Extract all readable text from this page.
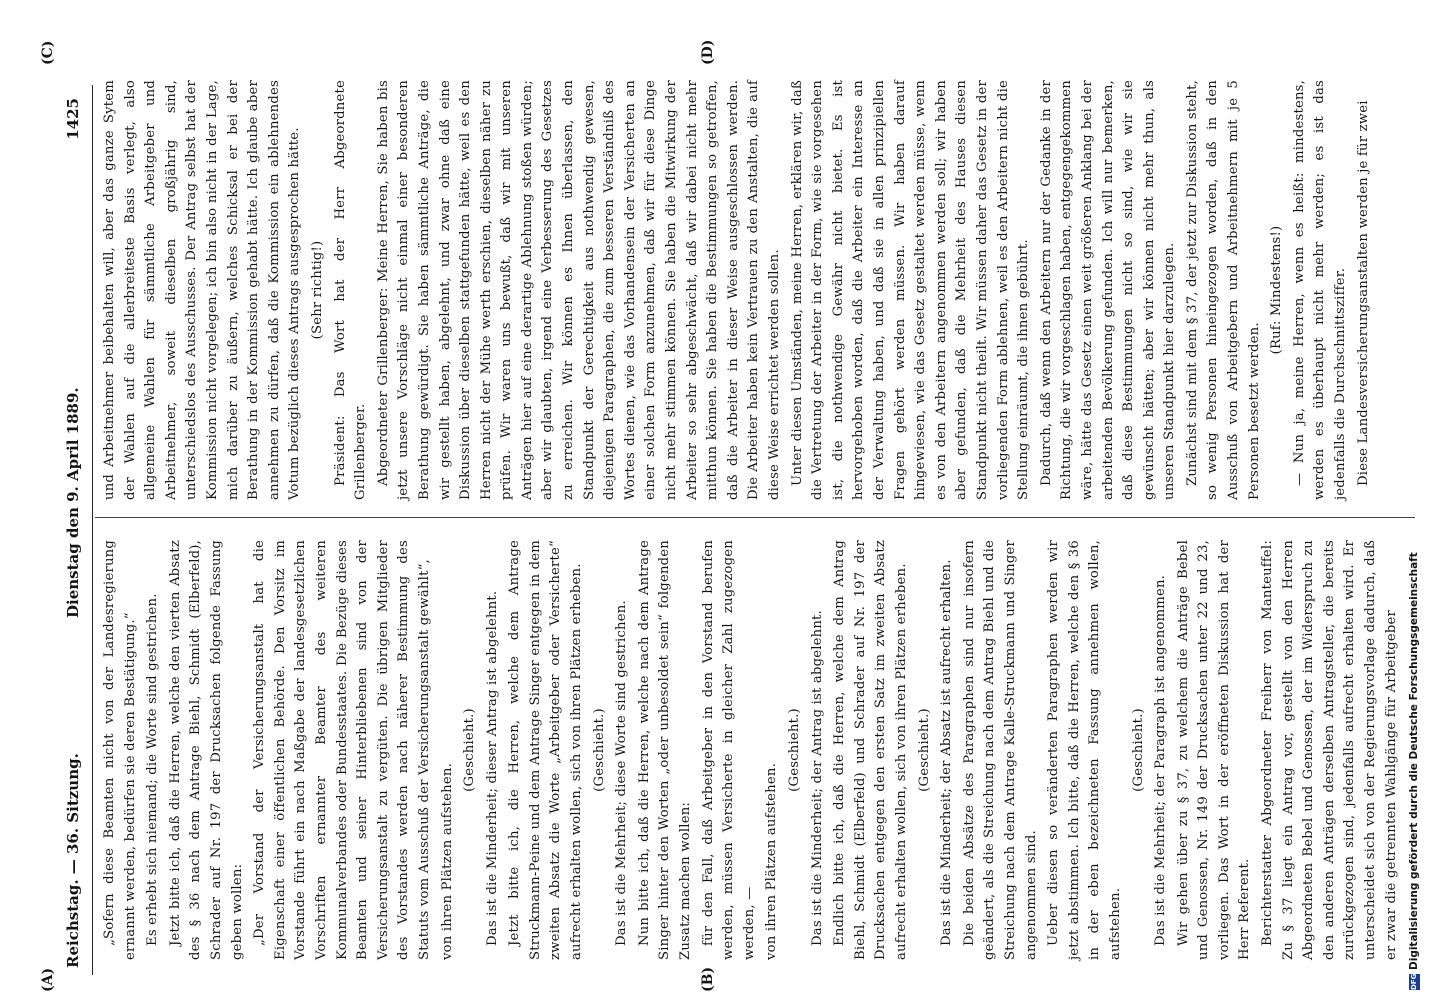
Reichstag. — 36. Sitzung.
Dienstag den 9. April 1889.
1425
(A)	(B)
(C)	(D)

„Sofern diese Beamten nicht von der Landesregierung ernannt werden, bedürfen sie deren Bestätigung.“ Es erhebt sich niemand; die Worte sind gestrichen. Jetzt bitte ich, daß die Herren, welche den vierten Absatz des § 36 nach dem Antrage Biehl, Schmidt (Elberfeld), Schrader auf Nr. 197 der Drucksachen folgende Fassung geben wollen: „Der Vorstand der Versicherungsanstalt hat die Eigenschaft einer öffentlichen Behörde. Den Vorsitz im Vorstande führt ein nach Maßgabe der landesgesetzlichen Vorschriften ernannter Beamter des weiteren Kommunalverbandes oder Bundesstaates. Die Bezüge dieses Beamten und seiner Hinterbliebenen sind von der Versicherungsanstalt zu vergüten. Die übrigen Mitglieder des Vorstandes werden nach näherer Bestimmung des Statuts vom Ausschuß der Versicherungsanstalt gewählt“, von ihren Plätzen aufstehen.

(Geschieht.) Das ist die Minderheit; dieser Antrag ist abgelehnt. Jetzt bitte ich, die Herren, welche dem Antrage Struckmann-Peine und dem Antrage Singer entgegen in dem zweiten Absatz die Worte „Arbeitgeber oder Versicherte“ aufrecht erhalten wollen, sich von ihren Plätzen erheben. (Geschieht.) Das ist die Mehrheit; diese Worte sind gestrichen. Nun bitte ich, daß die Herren, welche nach dem Antrage Singer hinter den Worten „oder unbesoldet sein“ folgenden Zusatz machen wollen: für den Fall, daß Arbeitgeber in den Vorstand berufen werden, müssen Versicherte in gleicher Zahl zugezogen werden, — von ihren Plätzen aufstehen.

(Geschieht.) Das ist die Minderheit; der Antrag ist abgelehnt. Endlich bitte ich, daß die Herren, welche dem Antrag Biehl, Schmidt (Elberfeld) und Schrader auf Nr. 197 der Drucksachen entgegen den ersten Satz im zweiten Absatz aufrecht erhalten wollen, sich von ihren Plätzen erheben. (Geschieht.) Das ist die Minderheit; der Absatz ist aufrecht erhalten. Die beiden Absätze des Paragraphen sind nur insofern geändert, als die Streichung nach dem Antrag Biehl und die Streichung nach dem Antrage Kalle-Struckmann und Singer angenommen sind. Ueber diesen so veränderten Paragraphen werden wir jetzt abstimmen. Ich bitte, daß die Herren, welche den § 36 in der eben bezeichneten Fassung annehmen wollen, aufstehen.

(Geschieht.) Das ist die Mehrheit; der Paragraph ist angenommen. Wir gehen über zu § 37, zu welchem die Anträge Bebel und Genossen, Nr. 149 der Drucksachen unter 22 und 23, vorliegen. Das Wort in der eröffneten Diskussion hat der Herr Referent. Berichterstatter Abgeordneter Freiherr von Manteuffel: Zu § 37 liegt ein Antrag vor, gestellt von den Herren Abgeordneten Bebel und Genossen, der im Widerspruch zu den anderen Anträgen derselben Antragsteller, die bereits zurückgezogen sind, jedenfalls aufrecht erhalten wird. Er unterscheidet sich von der Regierungsvorlage dadurch, daß er zwar die getrennten Wahlgänge für Arbeitgeber

und Arbeitnehmer beibehalten will, aber das ganze Sytem der Wahlen auf die allerbreiteste Basis verlegt, also allgemeine Wahlen für sämmtliche Arbeitgeber und Arbeitnehmer, soweit dieselben großjährig sind, unterschiedslos des Ausschusses. Der Antrag selbst hat der Kommission nicht vorgelegen; ich bin also nicht in der Lage, mich darüber zu äußern, welches Schicksal er bei der Berathung in der Kommission gehabt hätte. Ich glaube aber annehmen zu dürfen, daß die Kommission ein ablehnendes Votum bezüglich dieses Antrags ausgesprochen hätte. (Sehr richtig!) Präsident: Das Wort hat der Herr Abgeordnete Grillenberger. Abgeordneter Grillenberger: Meine Herren, Sie haben bis jetzt unsere Vorschläge nicht einmal einer besonderen Berathung gewürdigt. Sie haben sämmtliche Anträge, die wir gestellt haben, abgelehnt, und zwar ohne daß eine Diskussion über dieselben stattgefunden hätte, weil es den Herren nicht der Mühe werth erschien, dieselben näher zu prüfen. Wir waren uns bewußt, daß wir mit unseren Anträgen hier auf eine derartige Ablehnung stoßen würden; aber wir glaubten, irgend eine Verbesserung des Gesetzes zu erreichen. Wir können es Ihnen überlassen, den Standpunkt der Gerechtigkeit aus nothwendig gewesen, diejenigen Paragraphen, die zum besseren Verständniß des Wortes dienen, wie das Vorhandensein der Versicherten an einer solchen Form anzunehmen, daß wir für diese Dinge nicht mehr stimmen können. Sie haben die Mitwirkung der Arbeiter so sehr abgeschwächt, daß wir dabei nicht mehr mitthun können. Sie haben die Bestimmungen so getroffen, daß die Arbeiter in dieser Weise ausgeschlossen werden. Die Arbeiter haben kein Vertrauen zu den Anstalten, die auf diese Weise errichtet werden sollen. Unter diesen Umständen, meine Herren, erklären wir, daß die Vertretung der Arbeiter in der Form, wie sie vorgesehen ist, die nothwendige Gewähr nicht bietet. Es ist hervorgehoben worden, daß die Arbeiter ein Interesse an der Verwaltung haben, und daß sie in allen prinzipiellen Fragen gehört werden müssen. Wir haben darauf hingewiesen, wie das Gesetz gestaltet werden müsse, wenn es von den Arbeitern angenommen werden soll; wir haben aber gefunden, daß die Mehrheit des Hauses diesen Standpunkt nicht theilt. Wir müssen daher das Gesetz in der vorliegenden Form ablehnen, weil es den Arbeitern nicht die Stellung einräumt, die ihnen gebührt. Dadurch, daß wenn den Arbeitern nur der Gedanke in der Richtung, die wir vorgeschlagen haben, entgegengekommen wäre, hätte das Gesetz einen weit größeren Anklang bei der arbeitenden Bevölkerung gefunden. Ich will nur bemerken, daß diese Bestimmungen nicht so sind, wie wir sie gewünscht hätten; aber wir können nicht mehr thun, als unseren Standpunkt hier darzulegen. Zunächst sind mit dem § 37, der jetzt zur Diskussion steht, so wenig Personen hineingezogen worden, daß in den Ausschuß von Arbeitgebern und Arbeitnehmern mit je 5 Personen besetzt werden.

(Ruf: Mindestens!) — Nun ja, meine Herren, wenn es heißt: mindestens, werden es überhaupt nicht mehr werden; es ist das jedenfalls die Durchschnittsziffer. Diese Landesversicherungsanstalten werden je für zwei

DFG
Digitalisierung gefördert durch die Deutsche Forschungsgemeinschaft
